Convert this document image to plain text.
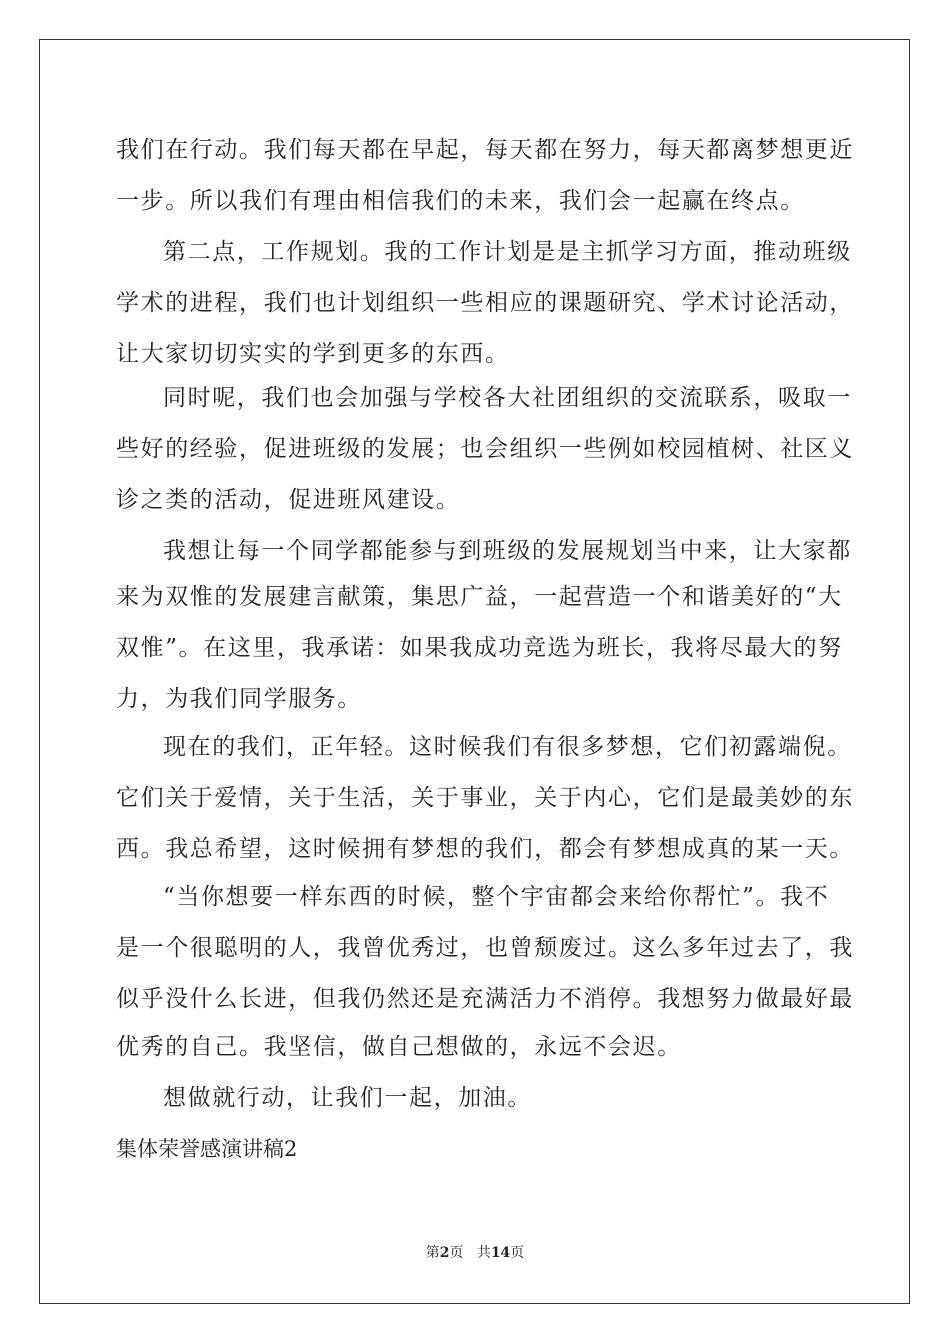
我们在行动。我们每天都在早起，每天都在努力，每天都离梦想更近
一步。所以我们有理由相信我们的未来，我们会一起赢在终点。
第二点，工作规划。我的工作计划是是主抓学习方面，推动班级
学术的进程，我们也计划组织一些相应的课题研究、学术讨论活动，
让大家切切实实的学到更多的东西。
同时呢，我们也会加强与学校各大社团组织的交流联系，吸取一
些好的经验，促进班级的发展；也会组织一些例如校园植树、社区义
诊之类的活动，促进班风建设。
我想让每一个同学都能参与到班级的发展规划当中来，让大家都
来为双惟的发展建言献策，集思广益，一起营造一个和谐美好的“大
双惟”。在这里，我承诺：如果我成功竞选为班长，我将尽最大的努
力，为我们同学服务。
现在的我们，正年轻。这时候我们有很多梦想，它们初露端倪。
它们关于爱情，关于生活，关于事业，关于内心，它们是最美妙的东
西。我总希望，这时候拥有梦想的我们，都会有梦想成真的某一天。
“当你想要一样东西的时候，整个宇宙都会来给你帮忙”。我不
是一个很聪明的人，我曾优秀过，也曾颓废过。这么多年过去了，我
似乎没什么长进，但我仍然还是充满活力不消停。我想努力做最好最
优秀的自己。我坚信，做自己想做的，永远不会迟。
想做就行动，让我们一起，加油。
集体荣誉感演讲稿2
第2页 共14页
